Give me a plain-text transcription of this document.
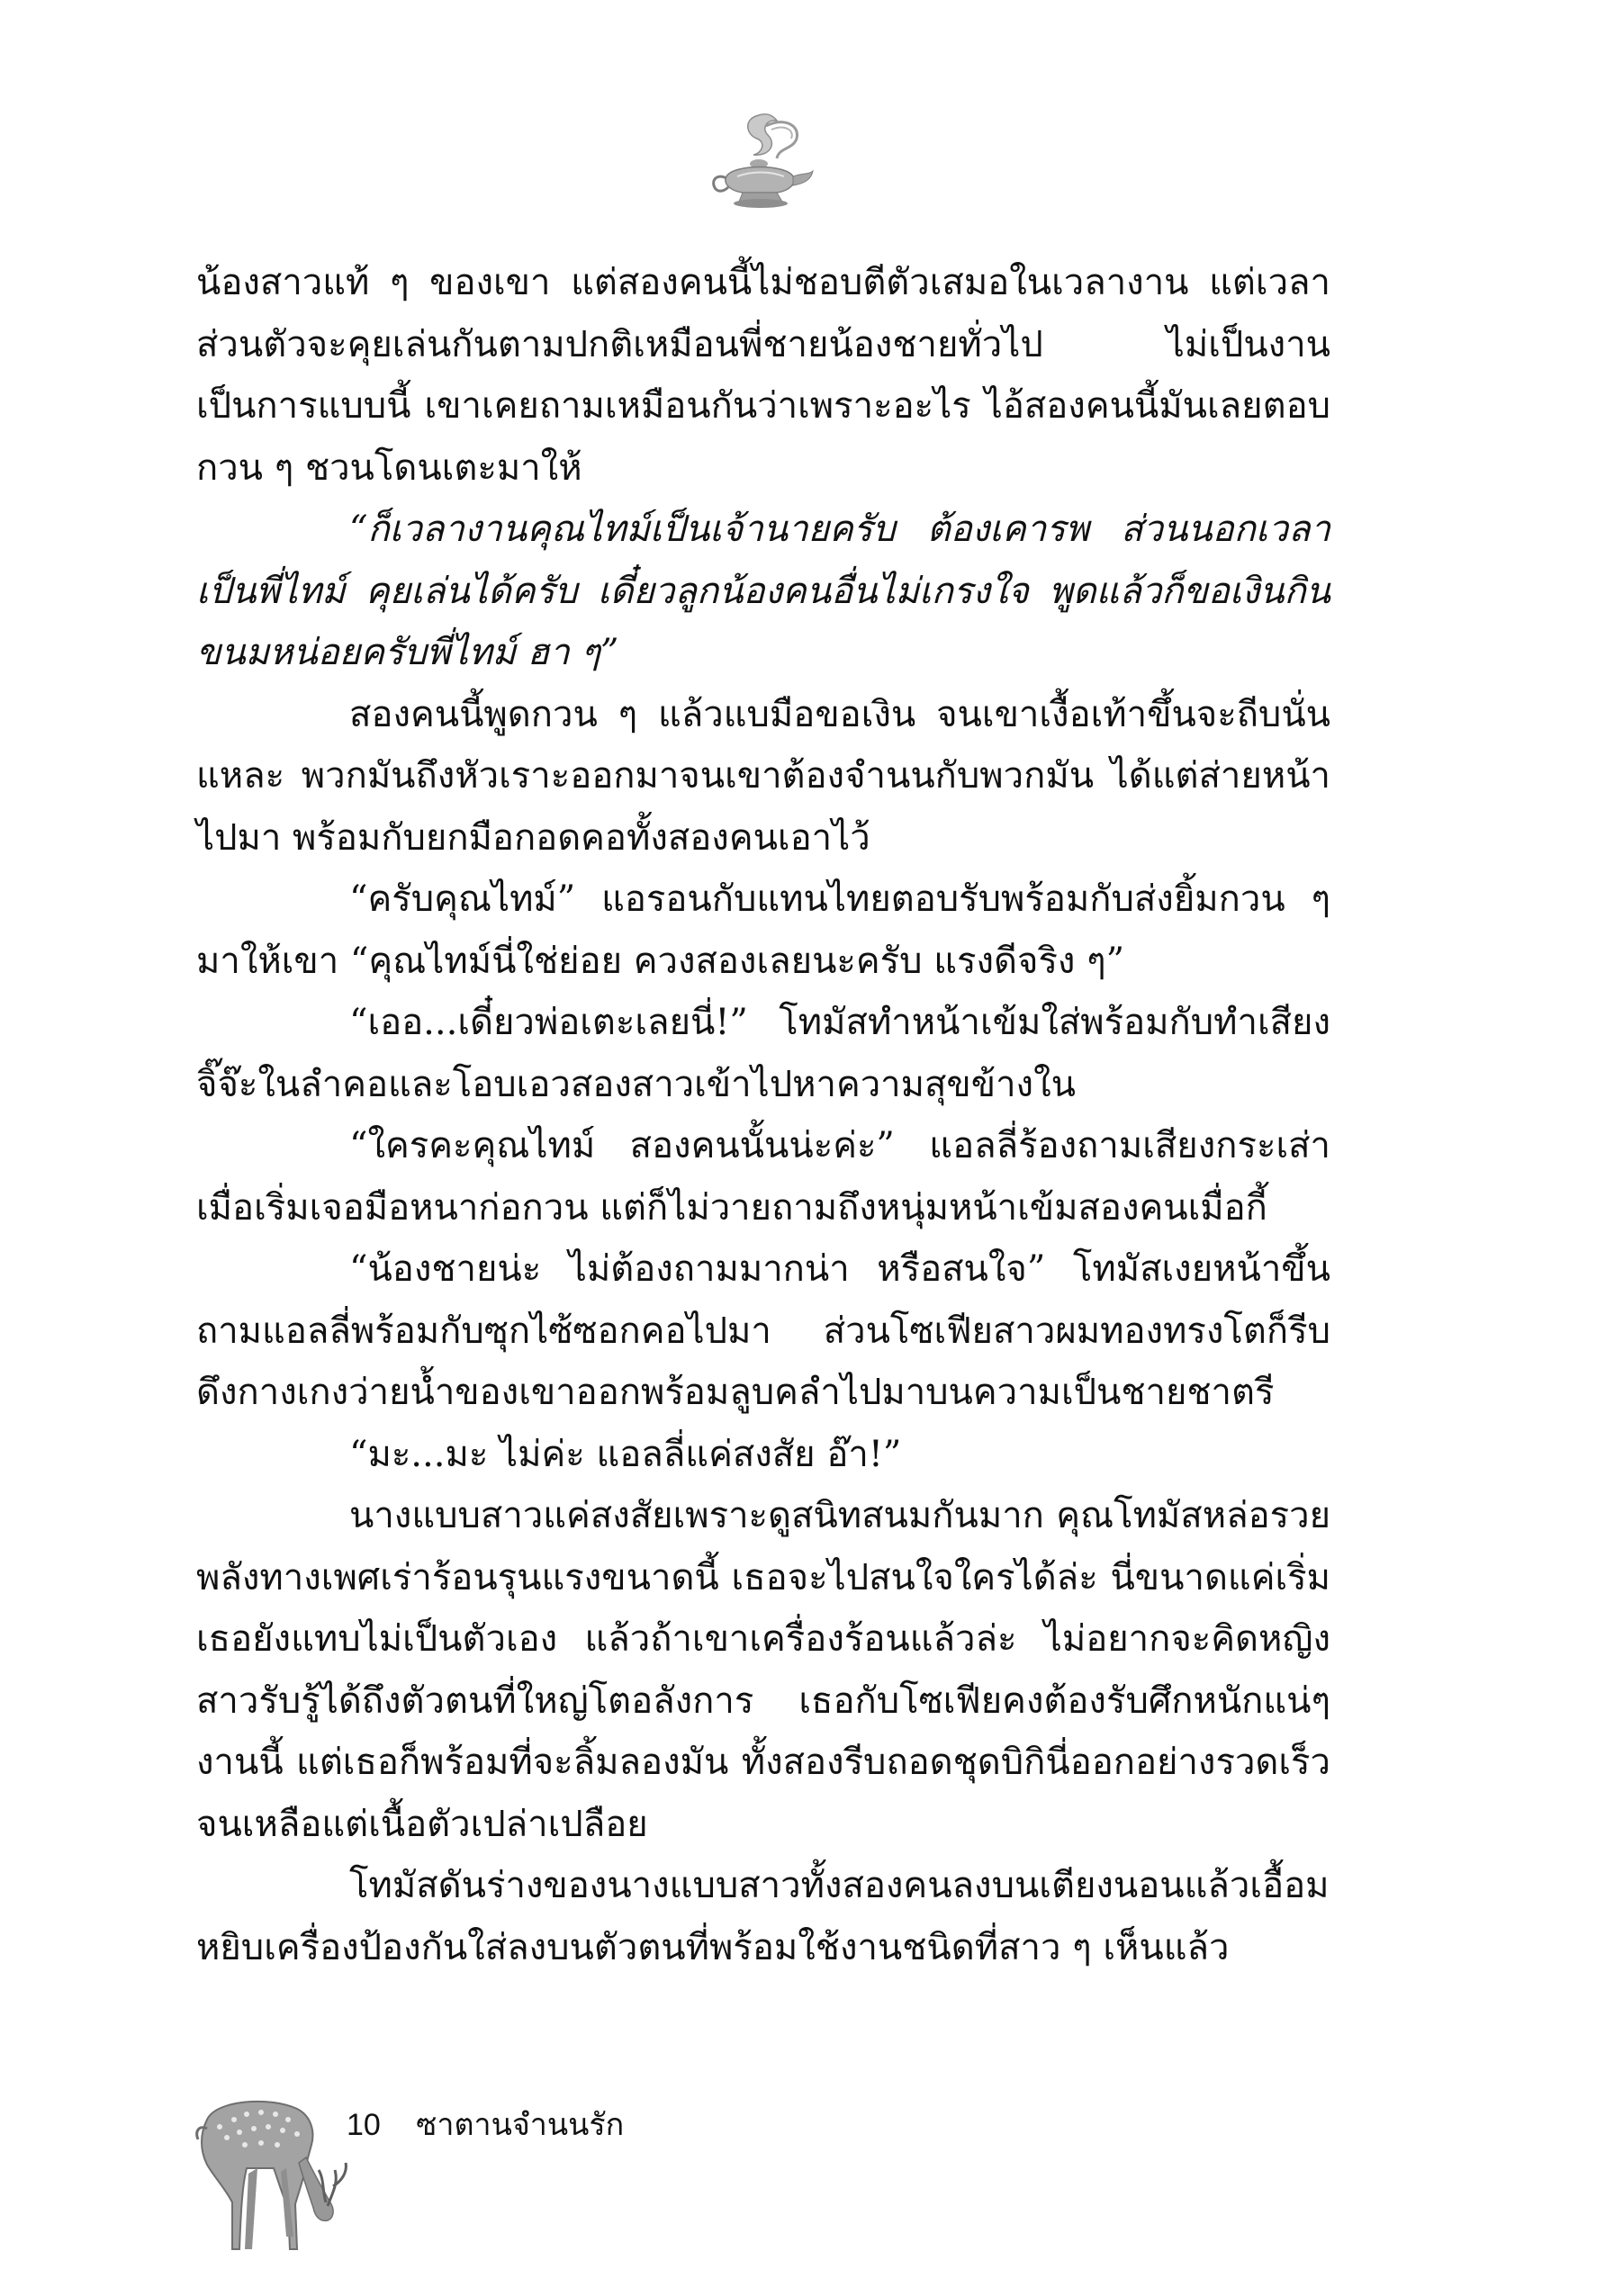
น้องสาวแท้ ๆ ของเขา แต่สองคนนี้ไม่ชอบตีตัวเสมอในเวลางาน แต่เวลาส่วนตัวจะคุยเล่นกันตามปกติเหมือนพี่ชายน้องชายทั่วไป ไม่เป็นงานเป็นการแบบนี้ เขาเคยถามเหมือนกันว่าเพราะอะไร ไอ้สองคนนี้มันเลยตอบกวน ๆ ชวนโดนเตะมาให้

“ก็เวลางานคุณไทม์เป็นเจ้านายครับ ต้องเคารพ ส่วนนอกเวลาเป็นพี่ไทม์ คุยเล่นได้ครับ เดี๋ยวลูกน้องคนอื่นไม่เกรงใจ พูดแล้วก็ขอเงินกินขนมหน่อยครับพี่ไทม์ ฮา ๆ”

สองคนนี้พูดกวน ๆ แล้วแบมือขอเงิน จนเขาเงื้อเท้าขึ้นจะถีบนั่นแหละ พวกมันถึงหัวเราะออกมาจนเขาต้องจำนนกับพวกมัน ได้แต่ส่ายหน้าไปมา พร้อมกับยกมือกอดคอทั้งสองคนเอาไว้

“ครับคุณไทม์” แอรอนกับแทนไทยตอบรับพร้อมกับส่งยิ้มกวน ๆ มาให้เขา “คุณไทม์นี่ใช่ย่อย ควงสองเลยนะครับ แรงดีจริง ๆ”

“เออ...เดี๋ยวพ่อเตะเลยนี่!” โทมัสทำหน้าเข้มใส่พร้อมกับทำเสียงจิ๊จ๊ะในลำคอและโอบเอวสองสาวเข้าไปหาความสุขข้างใน

“ใครคะคุณไทม์ สองคนนั้นน่ะค่ะ” แอลลี่ร้องถามเสียงกระเส่าเมื่อเริ่มเจอมือหนาก่อกวน แต่ก็ไม่วายถามถึงหนุ่มหน้าเข้มสองคนเมื่อกี้

“น้องชายน่ะ ไม่ต้องถามมากน่า หรือสนใจ” โทมัสเงยหน้าขึ้นถามแอลลี่พร้อมกับซุกไซ้ซอกคอไปมา ส่วนโซเฟียสาวผมทองทรงโตก็รีบดึงกางเกงว่ายน้ำของเขาออกพร้อมลูบคลำไปมาบนความเป็นชายชาตรี

“มะ...มะ ไม่ค่ะ แอลลี่แค่สงสัย อ๊า!”

นางแบบสาวแค่สงสัยเพราะดูสนิทสนมกันมาก คุณโทมัสหล่อรวยพลังทางเพศเร่าร้อนรุนแรงขนาดนี้ เธอจะไปสนใจใครได้ล่ะ นี่ขนาดแค่เริ่มเธอยังแทบไม่เป็นตัวเอง แล้วถ้าเขาเครื่องร้อนแล้วล่ะ ไม่อยากจะคิดหญิงสาวรับรู้ได้ถึงตัวตนที่ใหญ่โตอลังการ เธอกับโซเฟียคงต้องรับศึกหนักแน่ๆ งานนี้ แต่เธอก็พร้อมที่จะลิ้มลองมัน ทั้งสองรีบถอดชุดบิกินี่ออกอย่างรวดเร็วจนเหลือแต่เนื้อตัวเปล่าเปลือย

โทมัสดันร่างของนางแบบสาวทั้งสองคนลงบนเตียงนอนแล้วเอื้อมหยิบเครื่องป้องกันใส่ลงบนตัวตนที่พร้อมใช้งานชนิดที่สาว ๆ เห็นแล้ว

10 ซาตานจำนนรัก
